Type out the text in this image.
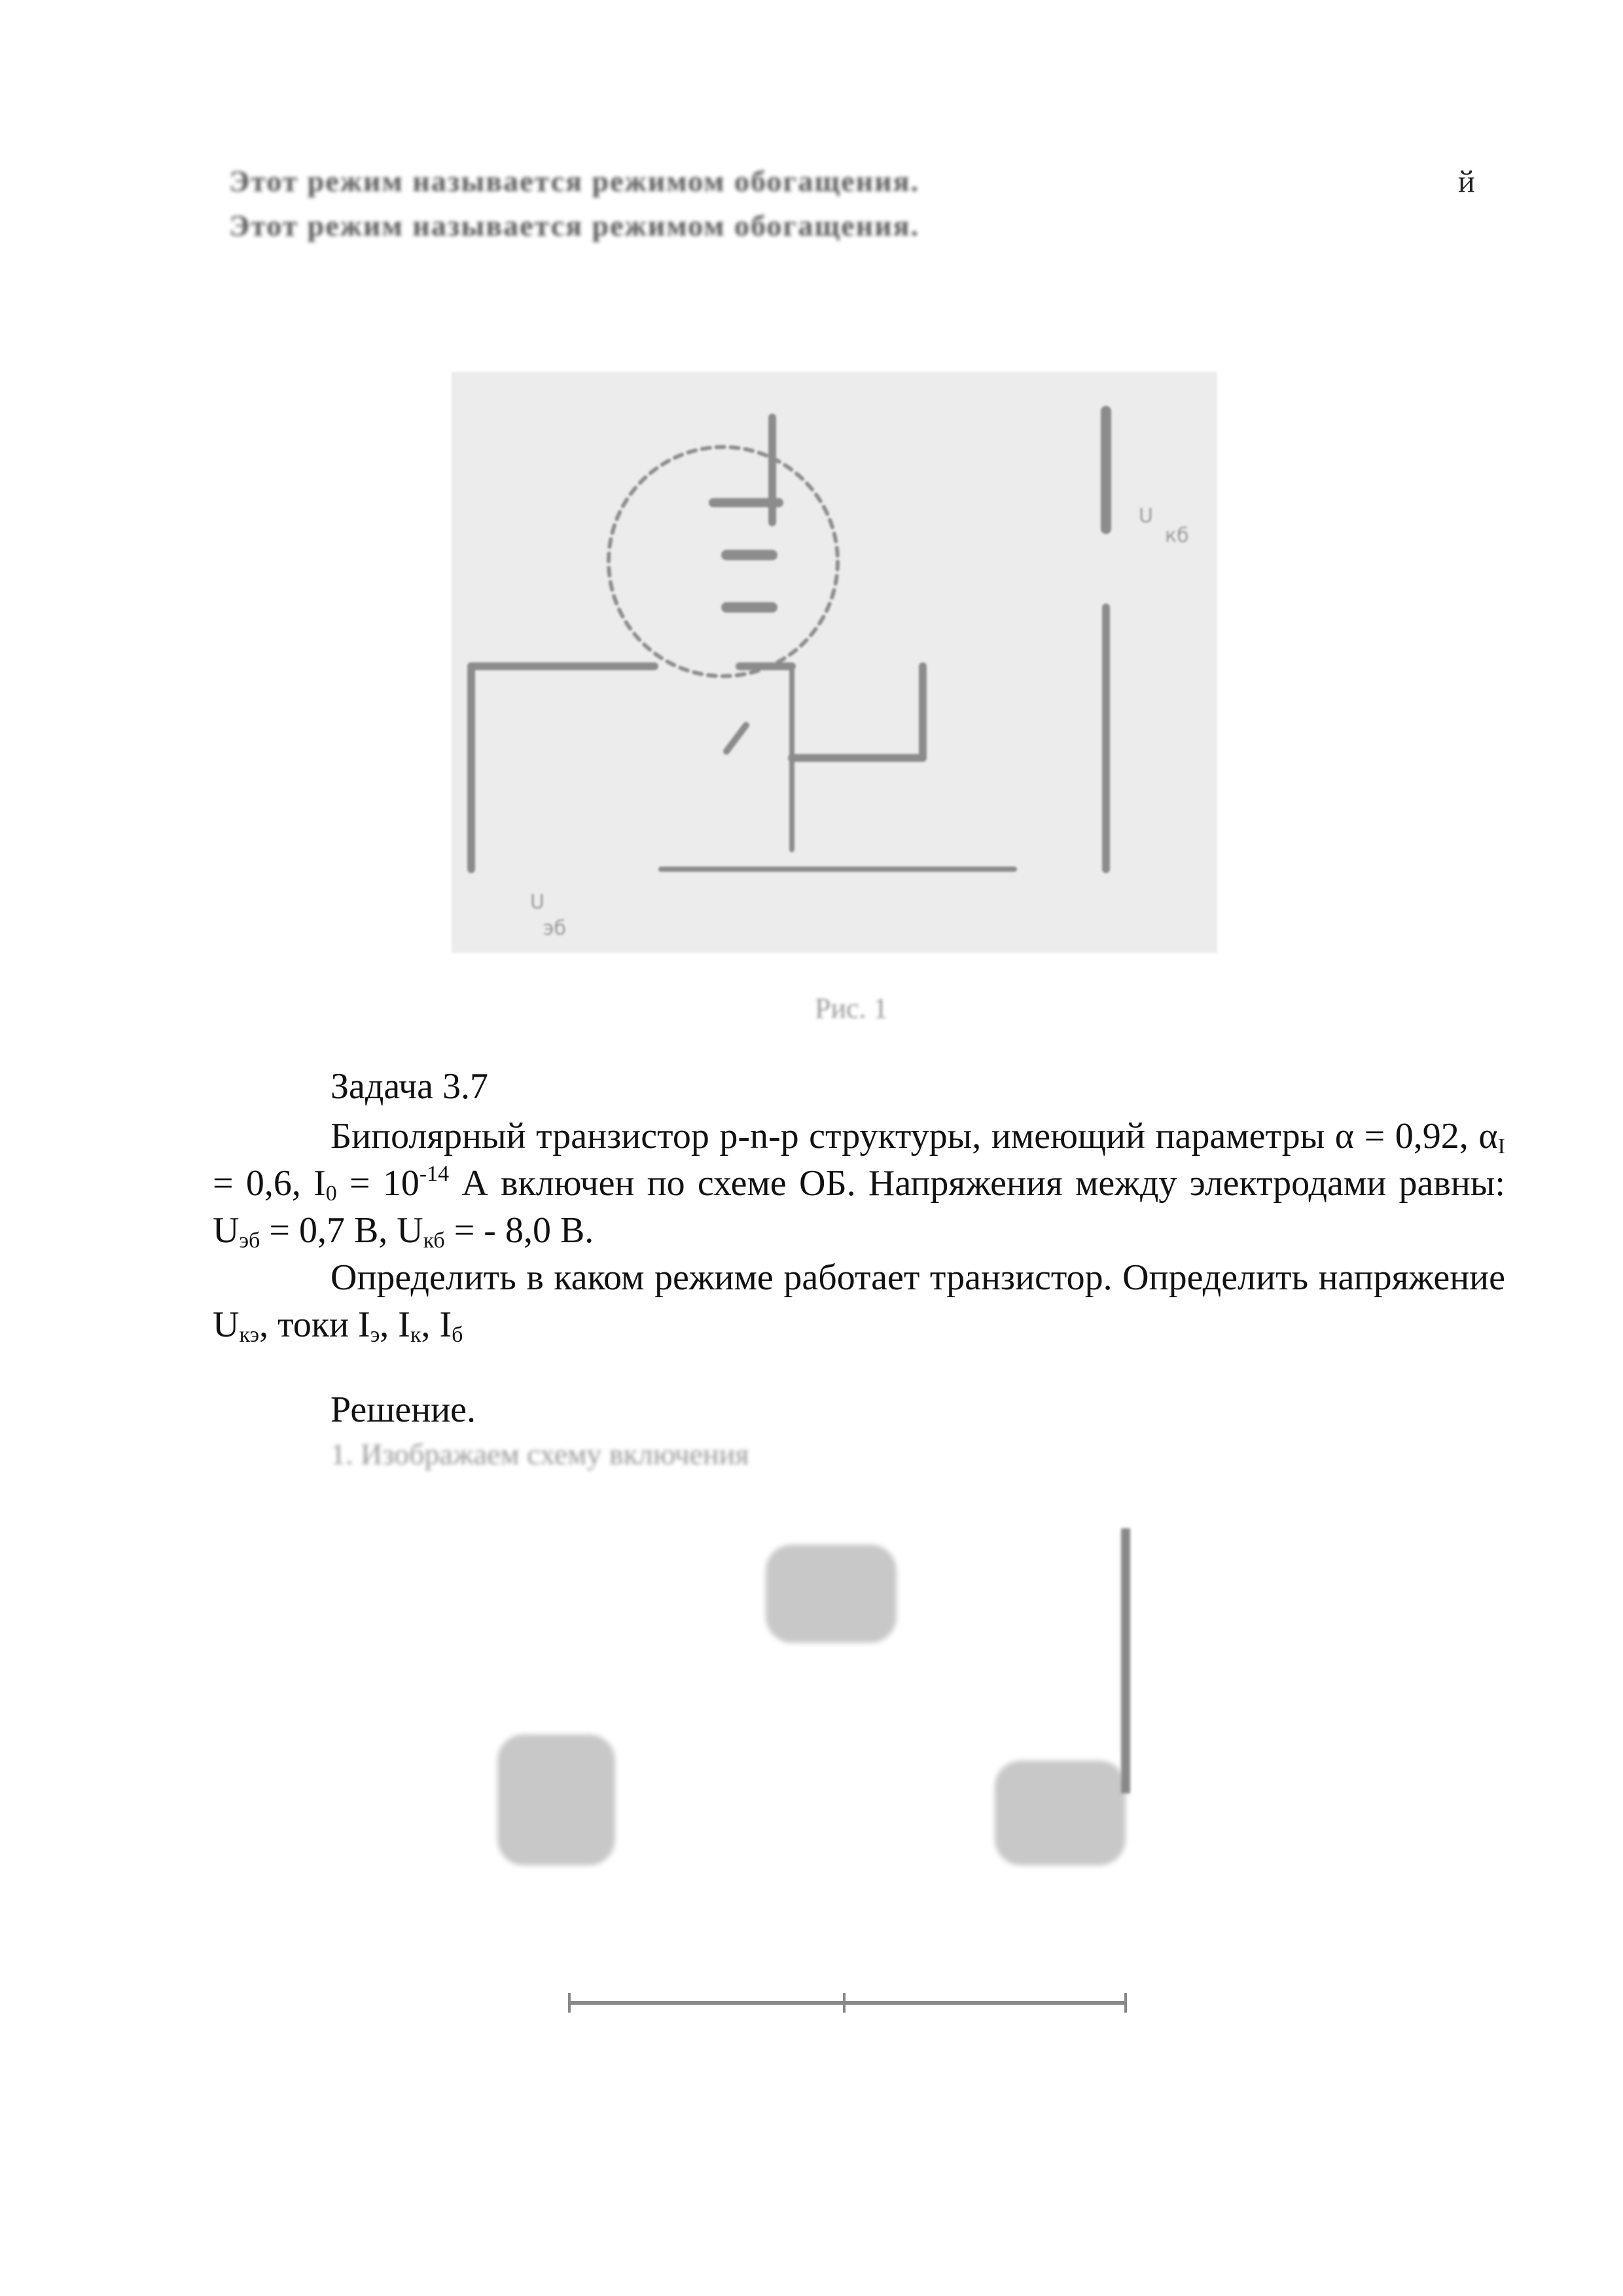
Этот режим называется режимом обогащения.
Этот режим называется режимом обогащения.
й
U
U
эб
кб
Рис. 1
Задача 3.7
Биполярный транзистор p-n-p структуры, имеющий параметры α = 0,92, $\alpha_I = 0,6$, $I_0 = 10^{-14}$ А включен по схеме ОБ. Напряжения между электродами равны: $U_{эб} = 0,7$ В, $U_{кб}$ = - 8,0 В.
Определить в каком режиме работает транзистор. Определить напряжение $U_{кэ}$, токи $I_э$, $I_к$, $I_б$
Решение.
1. Изображаем схему включения
